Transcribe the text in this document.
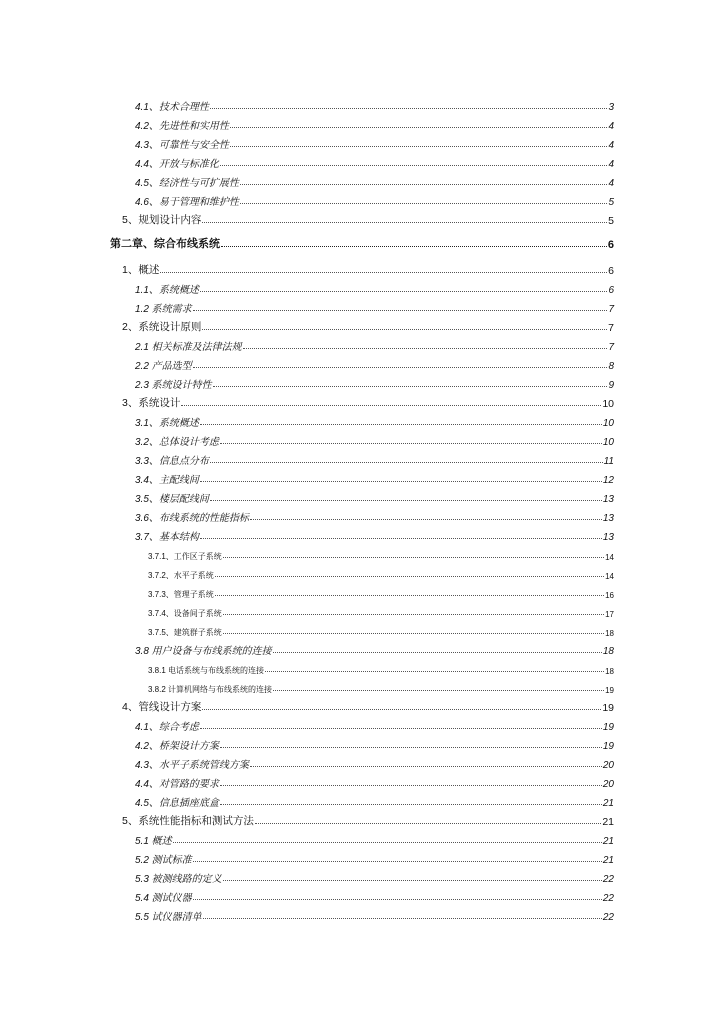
4.1、技术合理性	3
4.2、先进性和实用性	4
4.3、可靠性与安全性	4
4.4、开放与标准化	4
4.5、经济性与可扩展性	4
4.6、易于管理和维护性	5
5、规划设计内容	5
第二章、综合布线系统	6
1、概述	6
1.1、系统概述	6
1.2 系统需求	7
2、系统设计原则	7
2.1 相关标准及法律法规	7
2.2 产品选型	8
2.3 系统设计特性	9
3、系统设计	10
3.1、系统概述	10
3.2、总体设计考虑	10
3.3、信息点分布	11
3.4、主配线间	12
3.5、楼层配线间	13
3.6、布线系统的性能指标	13
3.7、基本结构	13
3.7.1、工作区子系统	14
3.7.2、水平子系统	14
3.7.3、管理子系统	16
3.7.4、设备间子系统	17
3.7.5、建筑群子系统	18
3.8 用户设备与布线系统的连接	18
3.8.1 电话系统与布线系统的连接	18
3.8.2 计算机网络与布线系统的连接	19
4、管线设计方案	19
4.1、综合考虑	19
4.2、桥架设计方案	19
4.3、水平子系统管线方案	20
4.4、对管路的要求	20
4.5、信息插座底盒	21
5、系统性能指标和测试方法	21
5.1 概述	21
5.2 测试标准	21
5.3 被测线路的定义	22
5.4 测试仪器	22
5.5 试仪器清单	22
